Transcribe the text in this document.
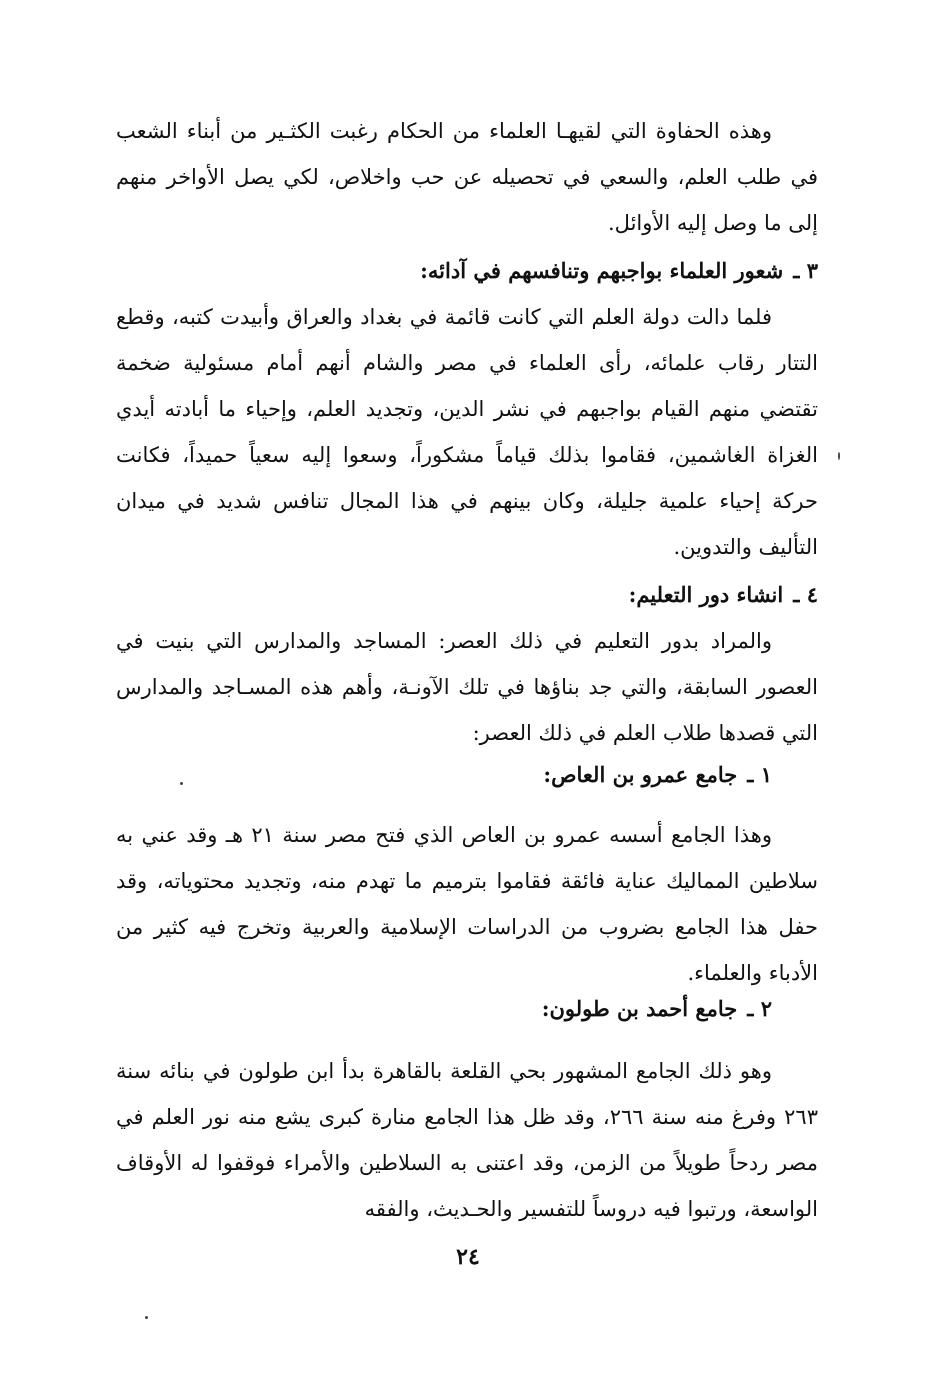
وهذه الحفاوة التي لقيهـا العلماء من الحكام رغبت الكثـير من أبناء الشعب في طلب العلم، والسعي في تحصيله عن حب واخلاص، لكي يصل الأواخر منهم إلى ما وصل إليه الأوائل.

٣ ـشعور العلماء بواجبهم وتنافسهم في آدائه:

فلما دالت دولة العلم التي كانت قائمة في بغداد والعراق وأبيدت كتبه، وقطع التتار رقاب علمائه، رأى العلماء في مصر والشام أنهم أمام مسئولية ضخمة تقتضي منهم القيام بواجبهم في نشر الدين، وتجديد العلم، وإحياء ما أبادته أيدي الغزاة الغاشمين، فقاموا بذلك قياماً مشكوراً، وسعوا إليه سعياً حميداً، فكانت حركة إحياء علمية جليلة، وكان بينهم في هذا المجال تنافس شديد في ميدان التأليف والتدوين.

٤ ـانشاء دور التعليم:

والمراد بدور التعليم في ذلك العصر: المساجد والمدارس التي بنيت في العصور السابقة، والتي جد بناؤها في تلك الآونـة، وأهم هذه المسـاجد والمدارس التي قصدها طلاب العلم في ذلك العصر:

١ ـجامع عمرو بن العاص:

وهذا الجامع أسسه عمرو بن العاص الذي فتح مصر سنة ٢١ هـ وقد عني به سلاطين المماليك عناية فائقة فقاموا بترميم ما تهدم منه، وتجديد محتوياته، وقد حفل هذا الجامع بضروب من الدراسات الإسلامية والعربية وتخرج فيه كثير من الأدباء والعلماء.

٢ ـجامع أحمد بن طولون:

وهو ذلك الجامع المشهور بحي القلعة بالقاهرة بدأ ابن طولون في بنائه سنة ٢٦٣ وفرغ منه سنة ٢٦٦، وقد ظل هذا الجامع منارة كبرى يشع منه نور العلم في مصر ردحاً طويلاً من الزمن، وقد اعتنى به السلاطين والأمراء فوقفوا له الأوقاف الواسعة، ورتبوا فيه دروساً للتفسير والحـديث، والفقه

٢٤
